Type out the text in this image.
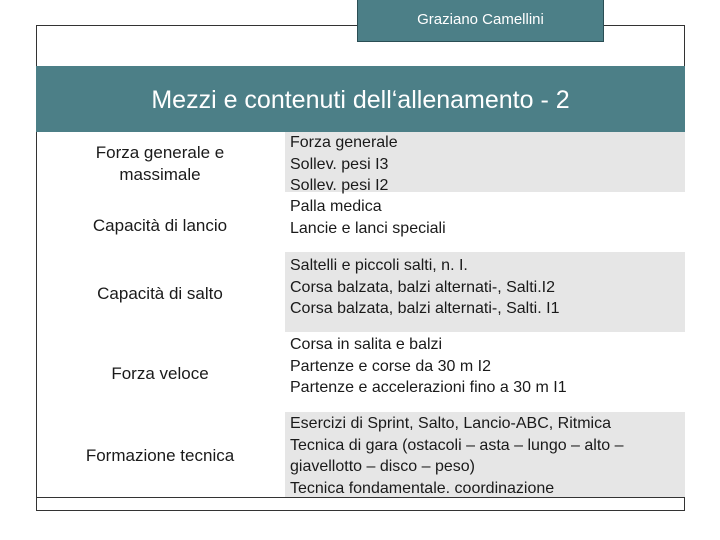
Graziano Camellini
Mezzi e contenuti dell‘allenamento - 2
Forza generale e
massimale
Capacità di lancio
Capacità di salto
Forza veloce
Formazione tecnica
Forza generale
Sollev. pesi I3
Sollev. pesi I2
Palla medica
Lancie e lanci speciali
Saltelli e piccoli salti, n. I.
Corsa balzata, balzi alternati-, Salti.I2
Corsa balzata, balzi alternati-, Salti. I1
Corsa in salita e balzi
Partenze e corse da 30 m I2
Partenze e accelerazioni fino a 30 m I1
Esercizi di Sprint, Salto, Lancio-ABC, Ritmica
Tecnica di gara (ostacoli – asta – lungo – alto – giavellotto – disco – peso)
Tecnica fondamentale. coordinazione
